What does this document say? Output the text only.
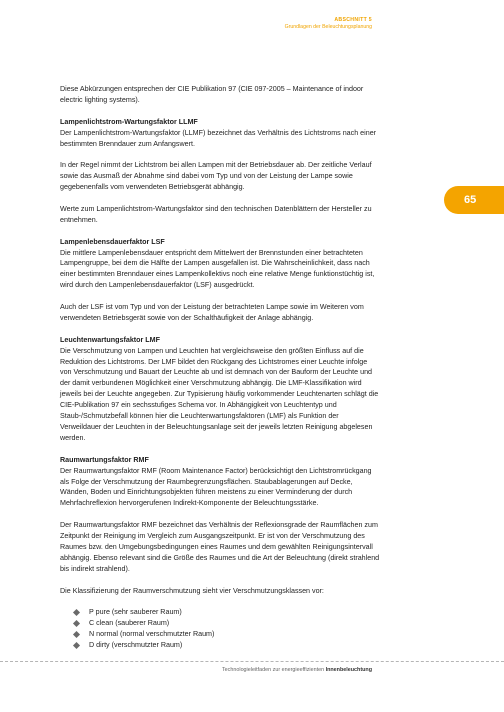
ABSCHNITT 5
Grundlagen der Beleuchtungsplanung
65

Diese Abkürzungen entsprechen der CIE Publikation 97 (CIE 097-2005 – Maintenance of indoor electric lighting systems).

Lampenlichtstrom-Wartungsfaktor LLMF

Der Lampenlichtstrom-Wartungsfaktor (LLMF) bezeichnet das Verhältnis des Lichtstroms nach einer bestimmten Brenndauer zum Anfangswert.

In der Regel nimmt der Lichtstrom bei allen Lampen mit der Betriebsdauer ab. Der zeitliche Verlauf sowie das Ausmaß der Abnahme sind dabei vom Typ und von der Leistung der Lampe sowie gegebenenfalls vom verwendeten Betriebsgerät abhängig.

Werte zum Lampenlichtstrom-Wartungsfaktor sind den technischen Datenblättern der Hersteller zu entnehmen.

Lampenlebensdauerfaktor LSF

Die mittlere Lampenlebensdauer entspricht dem Mittelwert der Brennstunden einer betrachteten Lampengruppe, bei dem die Hälfte der Lampen ausgefallen ist. Die Wahrscheinlichkeit, dass nach einer bestimmten Brenndauer eines Lampenkollektivs noch eine relative Menge funktionstüchtig ist, wird durch den Lampenlebensdauerfaktor (LSF) ausgedrückt.

Auch der LSF ist vom Typ und von der Leistung der betrachteten Lampe sowie im Weiteren vom verwendeten Betriebsgerät sowie von der Schalthäufigkeit der Anlage abhängig.

Leuchtenwartungsfaktor LMF

Die Verschmutzung von Lampen und Leuchten hat vergleichsweise den größten Einfluss auf die Reduktion des Lichtstroms. Der LMF bildet den Rückgang des Lichtstromes einer Leuchte infolge von Verschmutzung und Bauart der Leuchte ab und ist demnach von der Bauform der Leuchte und der damit verbundenen Möglichkeit einer Verschmutzung abhängig. Die LMF-Klassifikation wird jeweils bei der Leuchte angegeben. Zur Typisierung häufig vorkommender Leuchtenarten schlägt die CIE-Publikation 97 ein sechsstufiges Schema vor. In Abhängigkeit von Leuchtentyp und Staub-/Schmutzbefall können hier die Leuchtenwartungsfaktoren (LMF) als Funktion der Verweildauer der Leuchten in der Beleuchtungsanlage seit der jeweils letzten Reinigung abgelesen werden.

Raumwartungsfaktor RMF

Der Raumwartungsfaktor RMF (Room Maintenance Factor) berücksichtigt den Lichtstromrückgang als Folge der Verschmutzung der Raumbegrenzungsflächen. Staubablagerungen auf Decke, Wänden, Boden und Einrichtungsobjekten führen meistens zu einer Verminderung der durch Mehrfachreflexion hervorgerufenen Indirekt-Komponente der Beleuchtungsstärke.

Der Raumwartungsfaktor RMF bezeichnet das Verhältnis der Reflexionsgrade der Raumflächen zum Zeitpunkt der Reinigung im Vergleich zum Ausgangszeitpunkt. Er ist von der Verschmutzung des Raumes bzw. den Umgebungsbedingungen eines Raumes und dem gewählten Reinigungsintervall abhängig. Ebenso relevant sind die Größe des Raumes und die Art der Beleuchtung (direkt strahlend bis indirekt strahlend).

Die Klassifizierung der Raumverschmutzung sieht vier Verschmutzungsklassen vor:

P pure (sehr sauberer Raum)
C clean (sauberer Raum)
N normal (normal verschmutzter Raum)
D dirty (verschmutzter Raum)
Technologieleitfaden zur energieeffizienten Innenbeleuchtung
